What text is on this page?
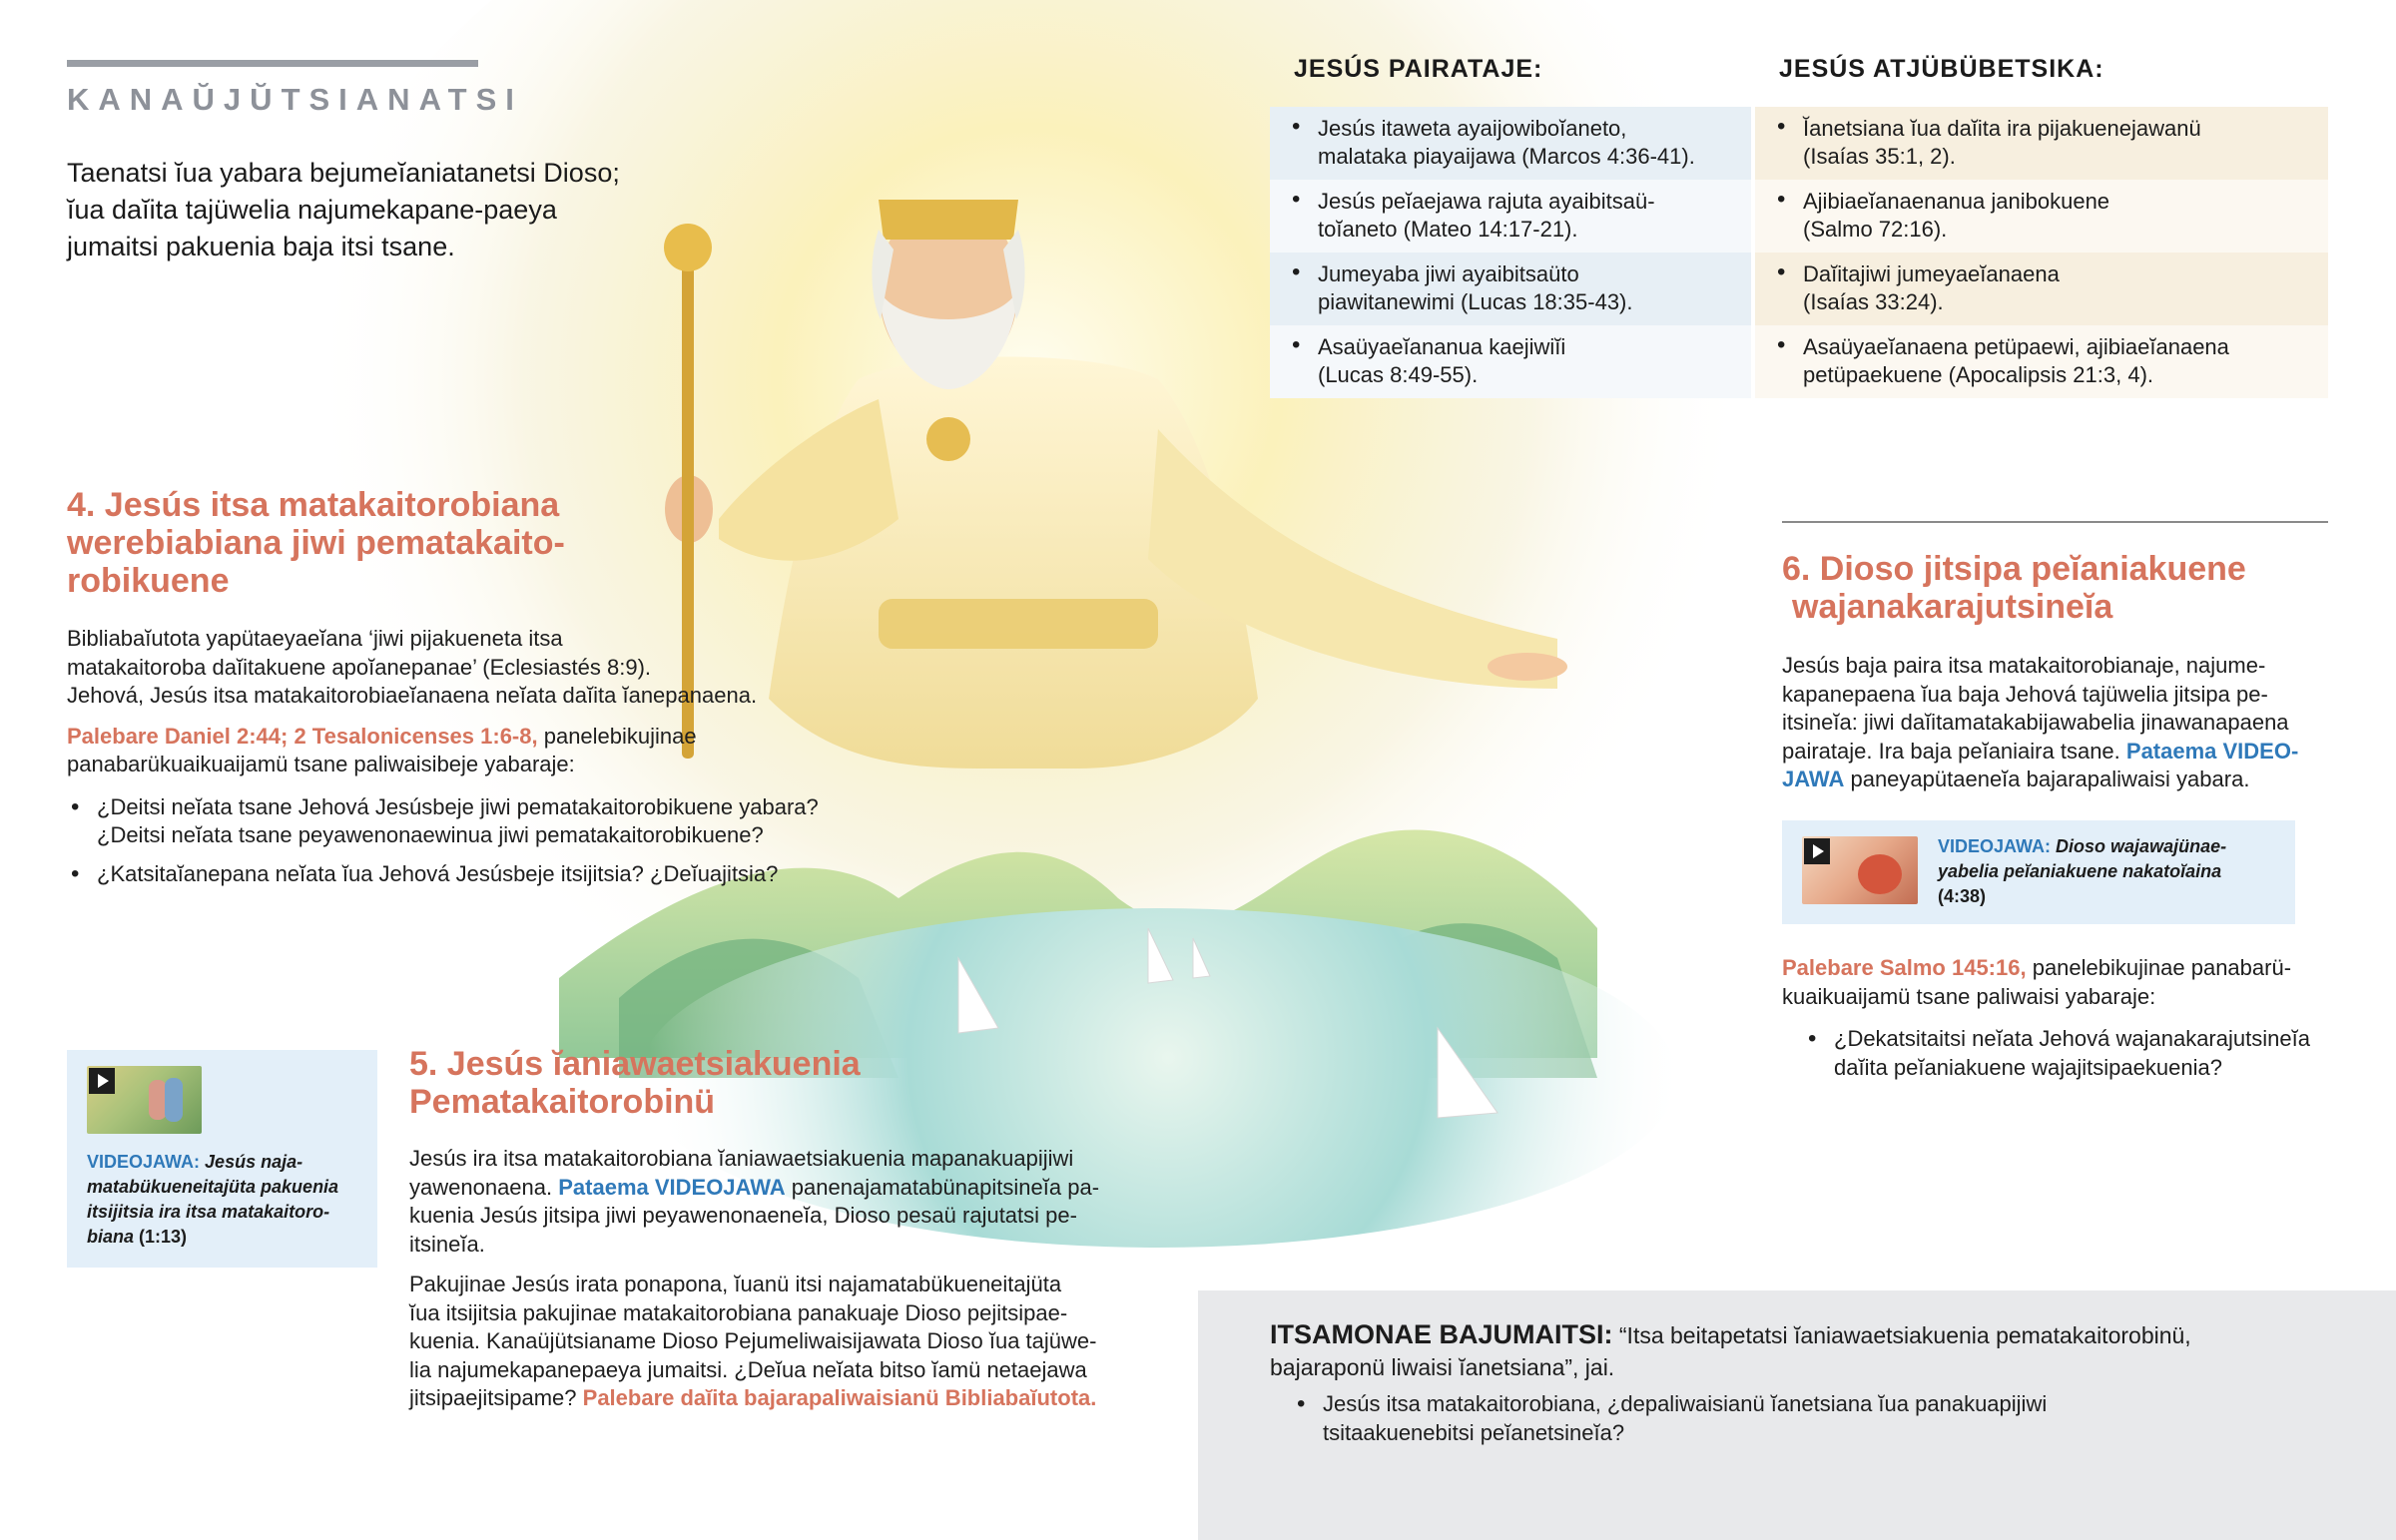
KANAŬJŬTSIANATSI
Taenatsi ĭua yabara bejumeĭaniatanetsi Dioso; ĭua daĭita tajüwelia najumekapane-paeya jumaitsi pakuenia baja itsi tsane.
JESÚS PAIRATAJE:	JESÚS ATJÜBÜBETSIKA:
• Jesús itaweta ayaijowiboĭaneto,
malataka piayaijawa (Marcos 4:36-41).
• Jesús peĭaejawa rajuta ayaibitsaü-
toĭaneto (Mateo 14:17-21).
• Jumeyaba jiwi ayaibitsaüto
piawitanewimi (Lucas 18:35-43).
• Asaüyaeĭananua kaejiwiĭi
(Lucas 8:49-55).
• Ĭanetsiana ĭua daĭita ira pijakuenejawanü
(Isaías 35:1, 2).
• Ajibiaeĭanaenanua janibokuene
(Salmo 72:16).
• Daĭitajiwi jumeyaeĭanaena
(Isaías 33:24).
• Asaüyaeĭanaena petüpaewi, ajibiaeĭanaena
petüpaekuene (Apocalipsis 21:3, 4).
4. Jesús itsa matakaitorobiana
werebiabiana jiwi pematakaito-
robikuene
Bibliabaĭutota yapütaeyaeĭana ‘jiwi pijakueneta itsa
matakaitoroba daĭitakuene apoĭanepanae’ (Eclesiastés 8:9).
Jehová, Jesús itsa matakaitorobiaeĭanaena neĭata daĭita ĭanepanaena.
Palebare Daniel 2:44; 2 Tesalonicenses 1:6-8, panelebikujinae
panabarükuaikuaijamü tsane paliwaisibeje yabaraje:
• ¿Deitsi neĭata tsane Jehová Jesúsbeje jiwi pematakaitorobikuene yabara?
¿Deitsi neĭata tsane peyawenonaewinua jiwi pematakaitorobikuene?
• ¿Katsitaĭanepana neĭata ĭua Jehová Jesúsbeje itsijitsia? ¿Deĭuajitsia?
VIDEOJAWA: Jesús naja-
matabükueneitajüta pakuenia
itsijitsia ira itsa matakaitoro-
biana (1:13)
5. Jesús ĭaniawaetsiakuenia
Pematakaitorobinü
Jesús ira itsa matakaitorobiana ĭaniawaetsiakuenia mapanakuapijiwi
yawenonaena. Pataema VIDEOJAWA panenajamatabünapitsineĭa pa-
kuenia Jesús jitsipa jiwi peyawenonaeneĭa, Dioso pesaü rajutatsi pe-
itsineĭa.
Pakujinae Jesús irata ponapona, ĭuanü itsi najamatabükueneitajüta
ĭua itsijitsia pakujinae matakaitorobiana panakuaje Dioso pejitsipae-
kuenia. Kanaüjütsianame Dioso Pejumeliwaisijawata Dioso ĭua tajüwe-
lia najumekapanepaeya jumaitsi. ¿Deĭua neĭata bitso ĭamü netaejawa
jitsipaejitsipame? Palebare daĭita bajarapaliwaisianü Bibliabaĭutota.
6. Dioso jitsipa peĭaniakuene
wajanakarajutsineĭa
Jesús baja paira itsa matakaitorobianaje, najume-
kapanepaena ĭua baja Jehová tajüwelia jitsipa pe-
itsineĭa: jiwi daĭitamatakabijawabelia jinawanapaena
pairataje. Ira baja peĭaniaira tsane. Pataema VIDEO-
JAWA paneyapütaeneĭa bajarapaliwaisi yabara.
VIDEOJAWA: Dioso wajawajünae-
yabelia peĭaniakuene nakatoĭaina
(4:38)
Palebare Salmo 145:16, panelebikujinae panabarü-
kuaikuaijamü tsane paliwaisi yabaraje:
• ¿Dekatsitaitsi neĭata Jehová wajanakarajutsineĭa
daĭita peĭaniakuene wajajitsipaekuenia?
ITSAMONAE BAJUMAITSI: “Itsa beitapetatsi ĭaniawaetsiakuenia pematakaitorobinü,
bajaraponü liwaisi ĭanetsiana”, jai.
• Jesús itsa matakaitorobiana, ¿depaliwaisianü ĭanetsiana ĭua panakuapijiwi
tsitaakuenebitsi peĭanetsineĭa?
